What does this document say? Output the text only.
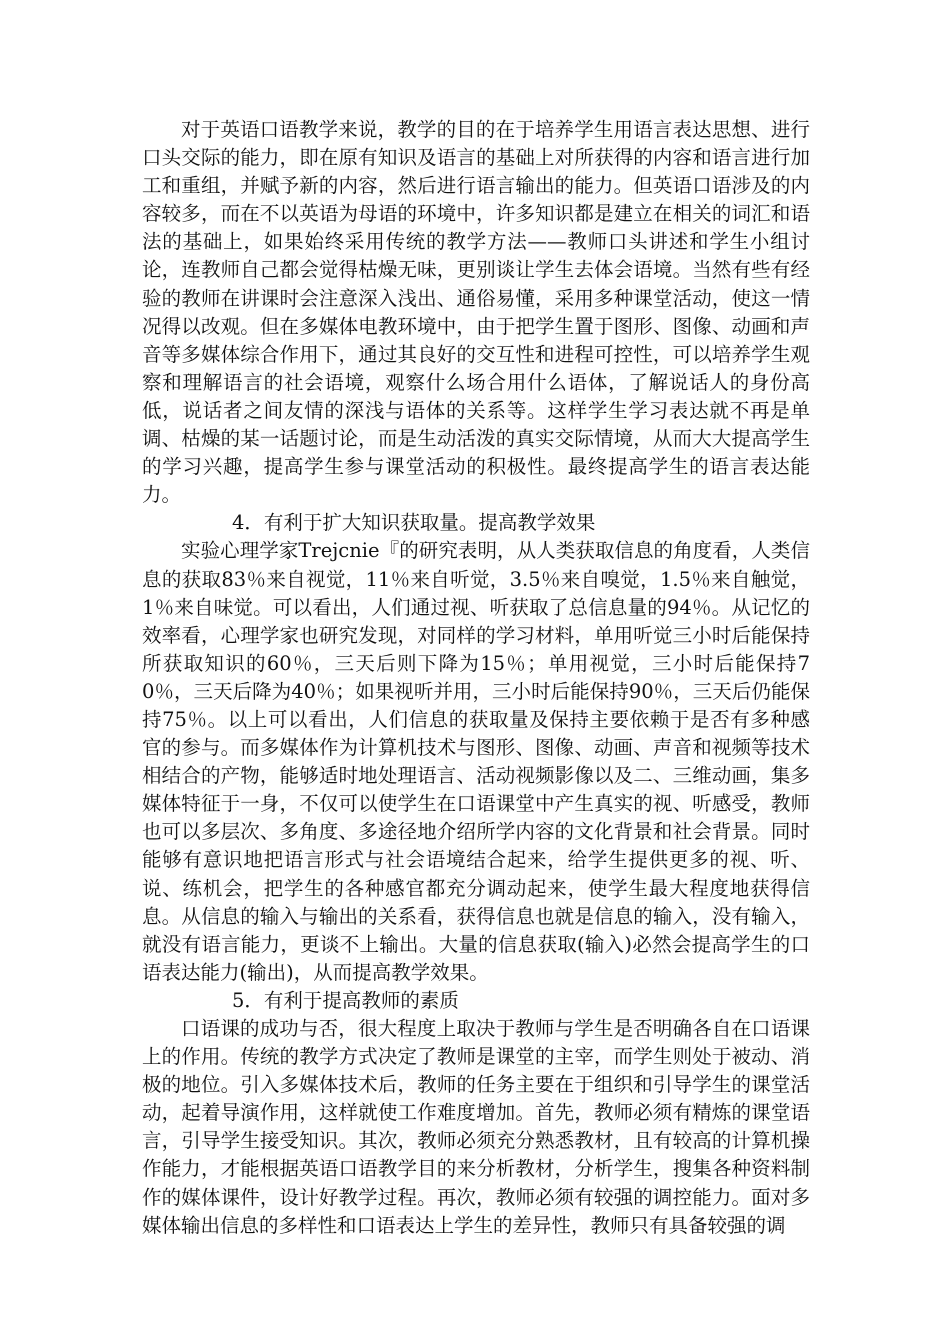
对于英语口语教学来说，教学的目的在于培养学生用语言表达思想、进行口头交际的能力，即在原有知识及语言的基础上对所获得的内容和语言进行加工和重组，并赋予新的内容，然后进行语言输出的能力。但英语口语涉及的内容较多，而在不以英语为母语的环境中，许多知识都是建立在相关的词汇和语法的基础上，如果始终采用传统的教学方法——教师口头讲述和学生小组讨论，连教师自己都会觉得枯燥无味，更别谈让学生去体会语境。当然有些有经验的教师在讲课时会注意深入浅出、通俗易懂，采用多种课堂活动，使这一情况得以改观。但在多媒体电教环境中，由于把学生置于图形、图像、动画和声音等多媒体综合作用下，通过其良好的交互性和进程可控性，可以培养学生观察和理解语言的社会语境，观察什么场合用什么语体，了解说话人的身份高低，说话者之间友情的深浅与语体的关系等。这样学生学习表达就不再是单调、枯燥的某一话题讨论，而是生动活泼的真实交际情境，从而大大提高学生的学习兴趣，提高学生参与课堂活动的积极性。最终提高学生的语言表达能力。

4．有利于扩大知识获取量。提高教学效果

实验心理学家Trejcnie『的研究表明，从人类获取信息的角度看，人类信息的获取83％来自视觉，11％来自听觉，3.5％来自嗅觉，1.5％来自触觉，1％来自味觉。可以看出，人们通过视、听获取了总信息量的94％。从记忆的效率看，心理学家也研究发现，对同样的学习材料，单用听觉三小时后能保持所获取知识的60％，三天后则下降为15％；单用视觉，三小时后能保持70％，三天后降为40％；如果视听并用，三小时后能保持90％，三天后仍能保持75％。以上可以看出，人们信息的获取量及保持主要依赖于是否有多种感官的参与。而多媒体作为计算机技术与图形、图像、动画、声音和视频等技术相结合的产物，能够适时地处理语言、活动视频影像以及二、三维动画，集多媒体特征于一身，不仅可以使学生在口语课堂中产生真实的视、听感受，教师也可以多层次、多角度、多途径地介绍所学内容的文化背景和社会背景。同时能够有意识地把语言形式与社会语境结合起来，给学生提供更多的视、听、说、练机会，把学生的各种感官都充分调动起来，使学生最大程度地获得信息。从信息的输入与输出的关系看，获得信息也就是信息的输入，没有输入，就没有语言能力，更谈不上输出。大量的信息获取(输入)必然会提高学生的口语表达能力(输出)，从而提高教学效果。

5．有利于提高教师的素质

口语课的成功与否，很大程度上取决于教师与学生是否明确各自在口语课上的作用。传统的教学方式决定了教师是课堂的主宰，而学生则处于被动、消极的地位。引入多媒体技术后，教师的任务主要在于组织和引导学生的课堂活动，起着导演作用，这样就使工作难度增加。首先，教师必须有精炼的课堂语言，引导学生接受知识。其次，教师必须充分熟悉教材，且有较高的计算机操作能力，才能根据英语口语教学目的来分析教材，分析学生，搜集各种资料制作的媒体课件，设计好教学过程。再次，教师必须有较强的调控能力。面对多媒体输出信息的多样性和口语表达上学生的差异性，教师只有具备较强的调
